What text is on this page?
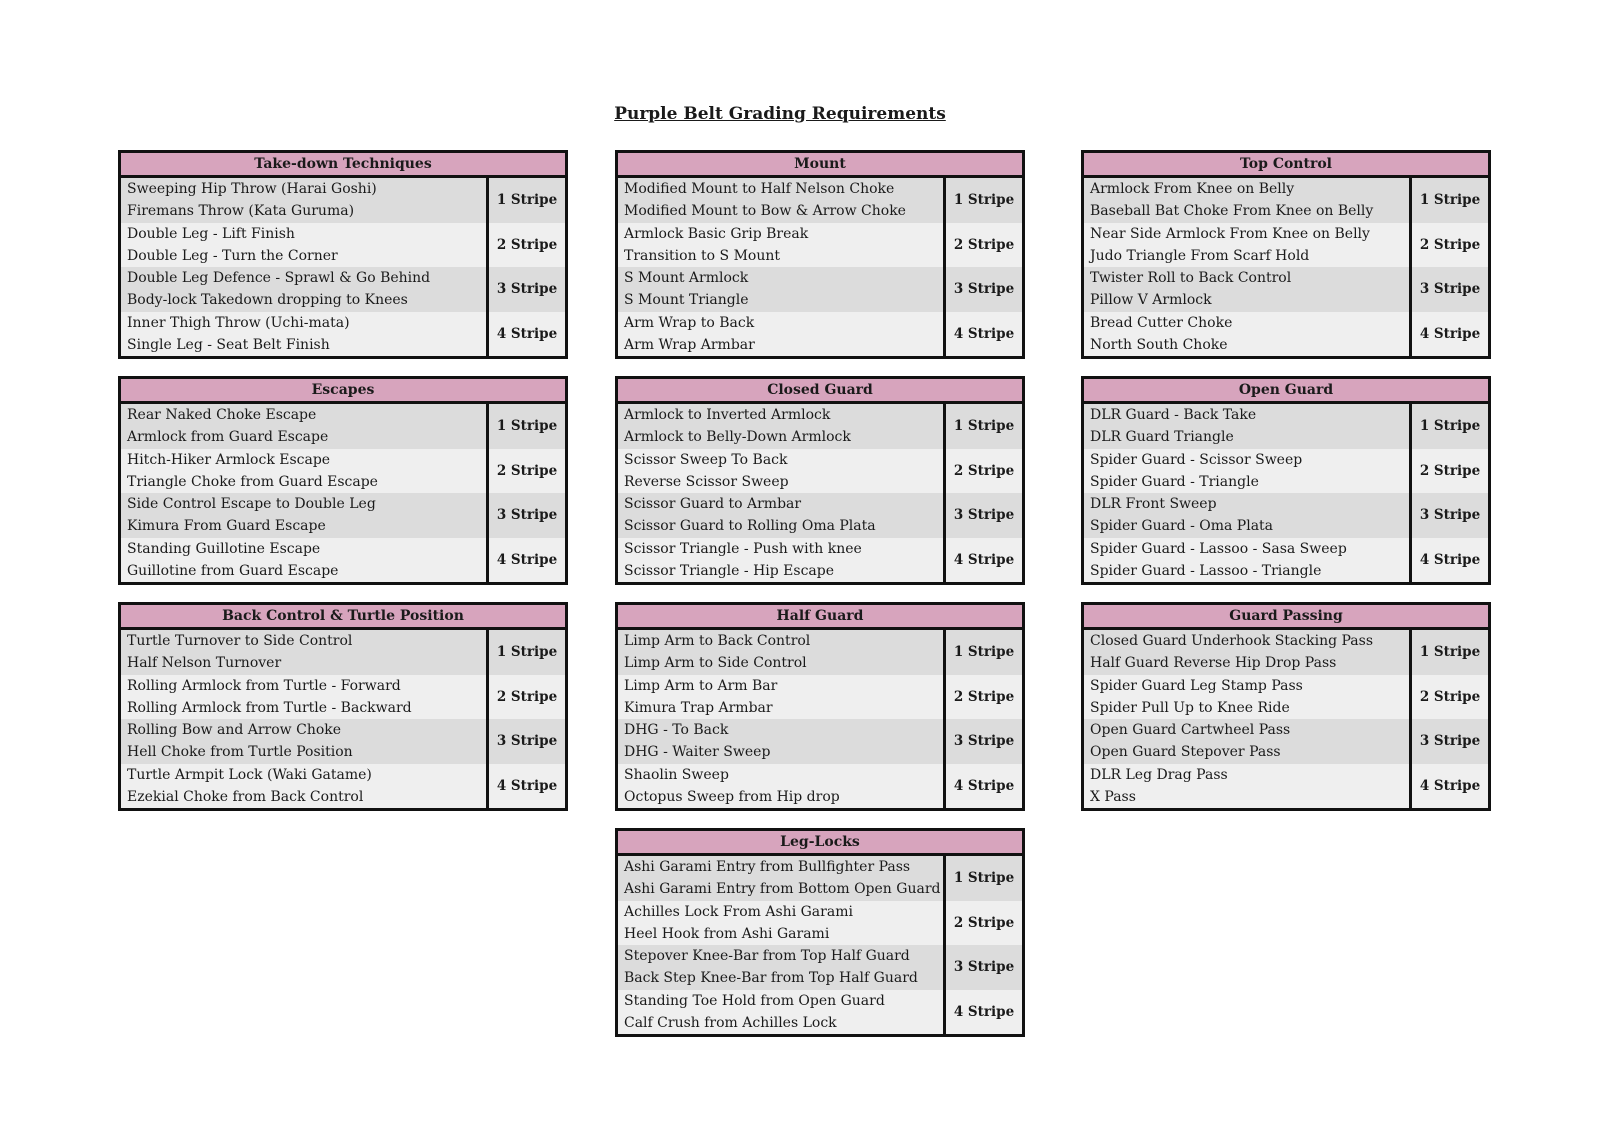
Purple Belt Grading Requirements
Take-down Techniques
Sweeping Hip Throw (Harai Goshi)
Firemans Throw (Kata Guruma)
1 Stripe
Double Leg - Lift Finish
Double Leg - Turn the Corner
2 Stripe
Double Leg Defence - Sprawl & Go Behind
Body-lock Takedown dropping to Knees
3 Stripe
Inner Thigh Throw (Uchi-mata)
Single Leg - Seat Belt Finish
4 Stripe
Mount
Modified Mount to Half Nelson Choke
Modified Mount to Bow & Arrow Choke
1 Stripe
Armlock Basic Grip Break
Transition to S Mount
2 Stripe
S Mount Armlock
S Mount Triangle
3 Stripe
Arm Wrap to Back
Arm Wrap Armbar
4 Stripe
Top Control
Armlock From Knee on Belly
Baseball Bat Choke From Knee on Belly
1 Stripe
Near Side Armlock From Knee on Belly
Judo Triangle From Scarf Hold
2 Stripe
Twister Roll to Back Control
Pillow V Armlock
3 Stripe
Bread Cutter Choke
North South Choke
4 Stripe
Escapes
Rear Naked Choke Escape
Armlock from Guard Escape
1 Stripe
Hitch-Hiker Armlock Escape
Triangle Choke from Guard Escape
2 Stripe
Side Control Escape to Double Leg
Kimura From Guard Escape
3 Stripe
Standing Guillotine Escape
Guillotine from Guard Escape
4 Stripe
Closed Guard
Armlock to Inverted Armlock
Armlock to Belly-Down Armlock
1 Stripe
Scissor Sweep To Back
Reverse Scissor Sweep
2 Stripe
Scissor Guard to Armbar
Scissor Guard to Rolling Oma Plata
3 Stripe
Scissor Triangle - Push with knee
Scissor Triangle - Hip Escape
4 Stripe
Open Guard
DLR Guard - Back Take
DLR Guard Triangle
1 Stripe
Spider Guard - Scissor Sweep
Spider Guard - Triangle
2 Stripe
DLR Front Sweep
Spider Guard - Oma Plata
3 Stripe
Spider Guard - Lassoo - Sasa Sweep
Spider Guard - Lassoo - Triangle
4 Stripe
Back Control & Turtle Position
Turtle Turnover to Side Control
Half Nelson Turnover
1 Stripe
Rolling Armlock from Turtle - Forward
Rolling Armlock from Turtle - Backward
2 Stripe
Rolling Bow and Arrow Choke
Hell Choke from Turtle Position
3 Stripe
Turtle Armpit Lock (Waki Gatame)
Ezekial Choke from Back Control
4 Stripe
Half Guard
Limp Arm to Back Control
Limp Arm to Side Control
1 Stripe
Limp Arm to Arm Bar
Kimura Trap Armbar
2 Stripe
DHG - To Back
DHG - Waiter Sweep
3 Stripe
Shaolin Sweep
Octopus Sweep from Hip drop
4 Stripe
Guard Passing
Closed Guard Underhook Stacking Pass
Half Guard Reverse Hip Drop Pass
1 Stripe
Spider Guard Leg Stamp Pass
Spider Pull Up to Knee Ride
2 Stripe
Open Guard Cartwheel Pass
Open Guard Stepover Pass
3 Stripe
DLR Leg Drag Pass
X Pass
4 Stripe
Leg-Locks
Ashi Garami Entry from Bullfighter Pass
Ashi Garami Entry from Bottom Open Guard
1 Stripe
Achilles Lock From Ashi Garami
Heel Hook from Ashi Garami
2 Stripe
Stepover Knee-Bar from Top Half Guard
Back Step Knee-Bar from Top Half Guard
3 Stripe
Standing Toe Hold from Open Guard
Calf Crush from Achilles Lock
4 Stripe
